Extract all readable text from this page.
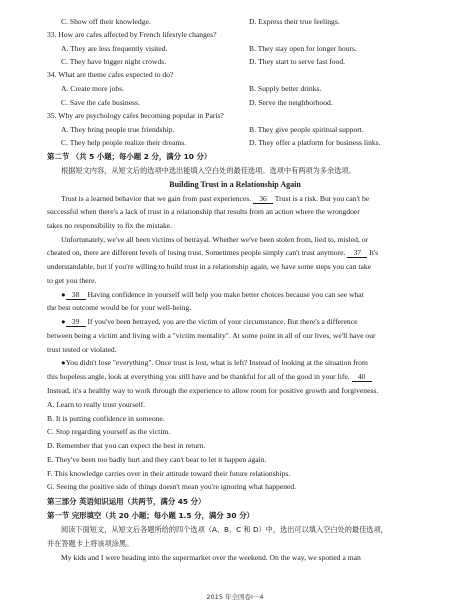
C. Show off their knowledge.	D. Express their true feelings.
33. How are cafes affected by French lifestyle changes?
A. They are less frequently visited.	B. They stay open for longer hours.
C. They have bigger night crowds.	D. They start to serve fast food.
34. What are theme cafes expected to do?
A. Create more jobs.	B. Supply better drinks.
C. Save the cafe business.	D. Serve the neighborhood.
35. Why are psychology cafes becoming popular in Paris?
A. They bring people true friendship.	B. They give people spiritual support.
C. They help people realize their dreams.	D. They offer a platform for business links.
第二节 （共 5 小题；每小题 2 分，满分 10 分）
根据短文内容，从短文后的选项中选出能填入空白处的最佳选项。选项中有两项为多余选项。
Building Trust in a Relationship Again
Trust is a learned behavior that we gain from past experiences. 36 Trust is a risk. But you can't be
successful when there's a lack of trust in a relationship that results from an action where the wrongdoer
takes no responsibility to fix the mistake.
Unfortunately, we've all been victims of betrayal. Whether we've been stolen from, lied to, misled, or
cheated on, there are different levels of losing trust. Sometimes people simply can't trust anymore. 37 It's
understandable, but if you're willing to build trust in a relationship again, we have some steps you can take
to get you there.
● 38 Having confidence in yourself will help you make better choices because you can see what
the best outcome would be for your well-being.
● 39 If you've been betrayed, you are the victim of your circumstance. But there's a difference
between being a victim and living with a "victim mentality". At some point in all of our lives, we'll have our
trust tested or violated.
●You didn't lose "everything". Once trust is lost, what is left? Instead of looking at the situation from
this hopeless angle, look at everything you still have and be thankful for all of the good in your life. 40
Instead, it's a healthy way to work through the experience to allow room for positive growth and forgiveness.
A. Learn to really trust yourself.
B. It is putting confidence in someone.
C. Stop regarding yourself as the victim.
D. Remember that you can expect the best in return.
E. They've been too badly hurt and they can't bear to let it happen again.
F. This knowledge carries over in their attitude toward their future relationships.
G. Seeing the positive side of things doesn't mean you're ignoring what happened.
第三部分 英语知识运用（共两节，满分 45 分）
第一节 完形填空（共 20 小题；每小题 1.5 分，满分 30 分）
阅读下面短文，从短文后各题所给的四个选项（A、B、C 和 D）中，选出可以填入空白处的最佳选项，
并在答题卡上将该项涂黑。
My kids and I were heading into the supermarket over the weekend. On the way, we spotted a man
2015 年全国卷Ⅰ－4
